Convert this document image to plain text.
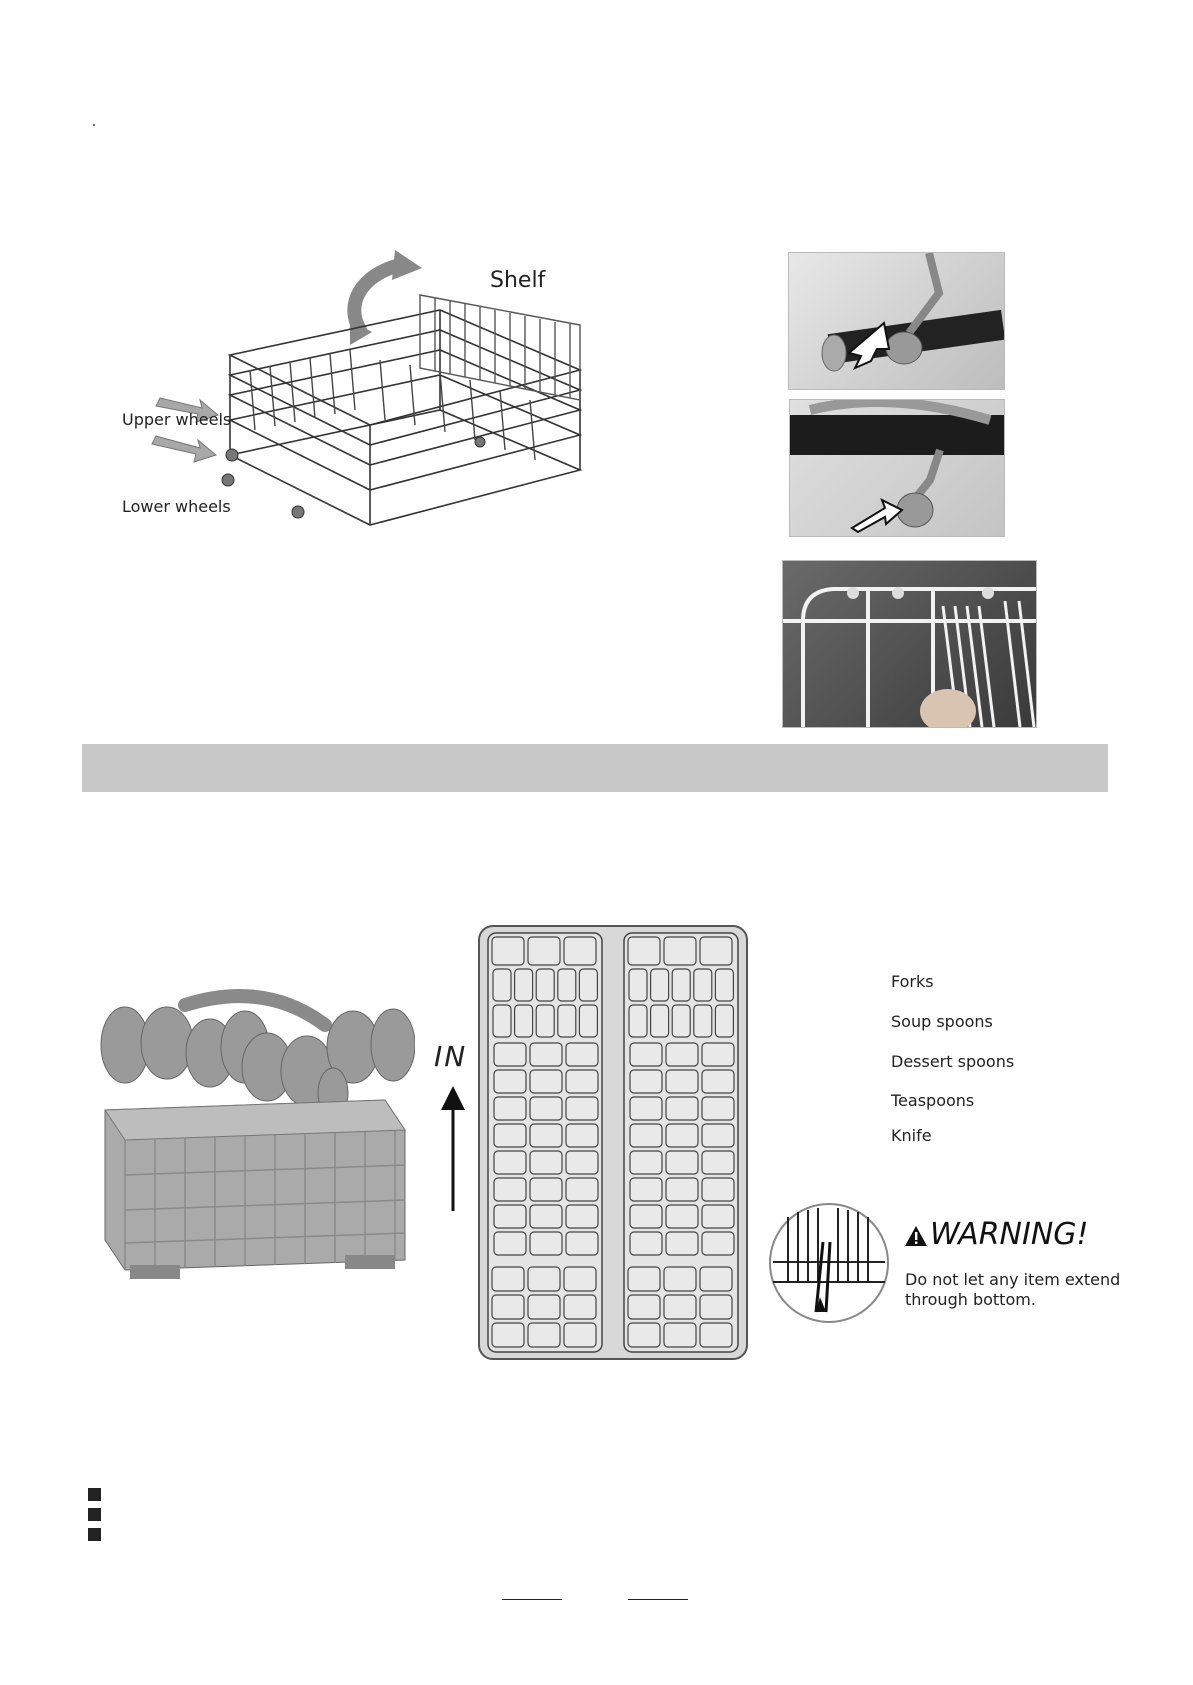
Shelf
Upper wheels
Lower wheels
IN
Forks
Soup spoons
Dessert spoons
Teaspoons
Knife
WARNING!
Do not let any item extend
through bottom.
